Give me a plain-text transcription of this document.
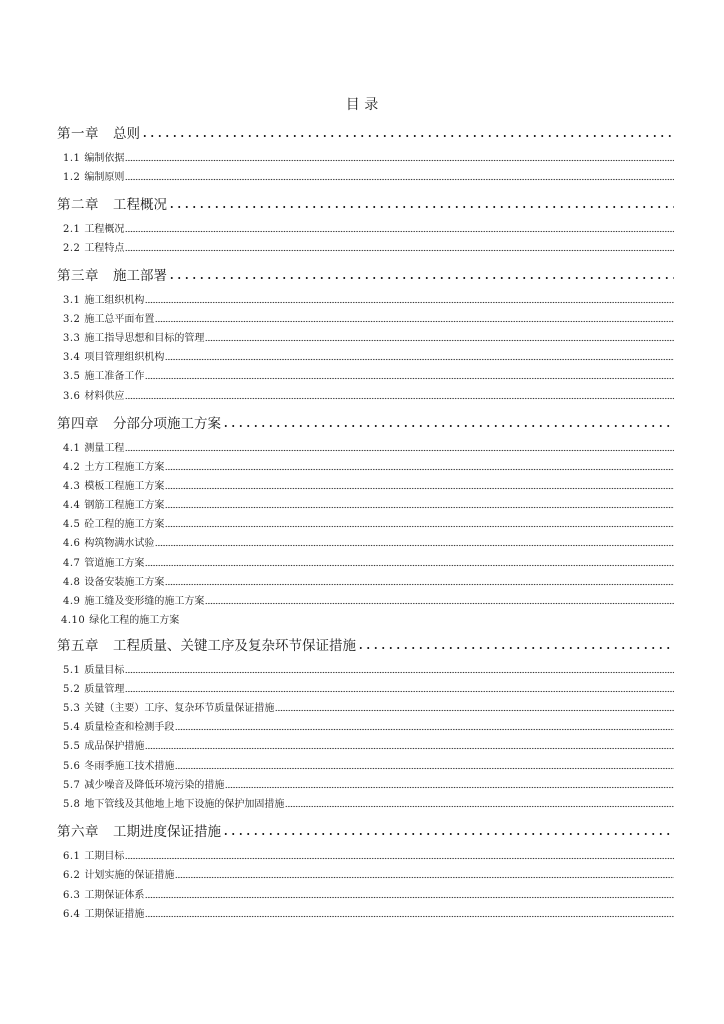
目 录
第一章 总则
1.1 编制依据
1.2 编制原则
第二章 工程概况
2.1 工程概况
2.2 工程特点
第三章 施工部署
3.1 施工组织机构
3.2 施工总平面布置
3.3 施工指导思想和目标的管理
3.4 项目管理组织机构
3.5 施工准备工作
3.6 材料供应
第四章 分部分项施工方案
4.1 测量工程
4.2 土方工程施工方案
4.3 模板工程施工方案
4.4 钢筋工程施工方案
4.5 砼工程的施工方案
4.6 构筑物满水试验
4.7 管道施工方案
4.8 设备安装施工方案
4.9 施工缝及变形缝的施工方案
4.10 绿化工程的施工方案
第五章 工程质量、关键工序及复杂环节保证措施
5.1 质量目标
5.2 质量管理
5.3 关键（主要）工序、复杂环节质量保证措施
5.4 质量检查和检测手段
5.5 成品保护措施
5.6 冬雨季施工技术措施
5.7 减少噪音及降低环境污染的措施
5.8 地下管线及其他地上地下设施的保护加固措施
第六章 工期进度保证措施
6.1 工期目标
6.2 计划实施的保证措施
6.3 工期保证体系
6.4 工期保证措施
